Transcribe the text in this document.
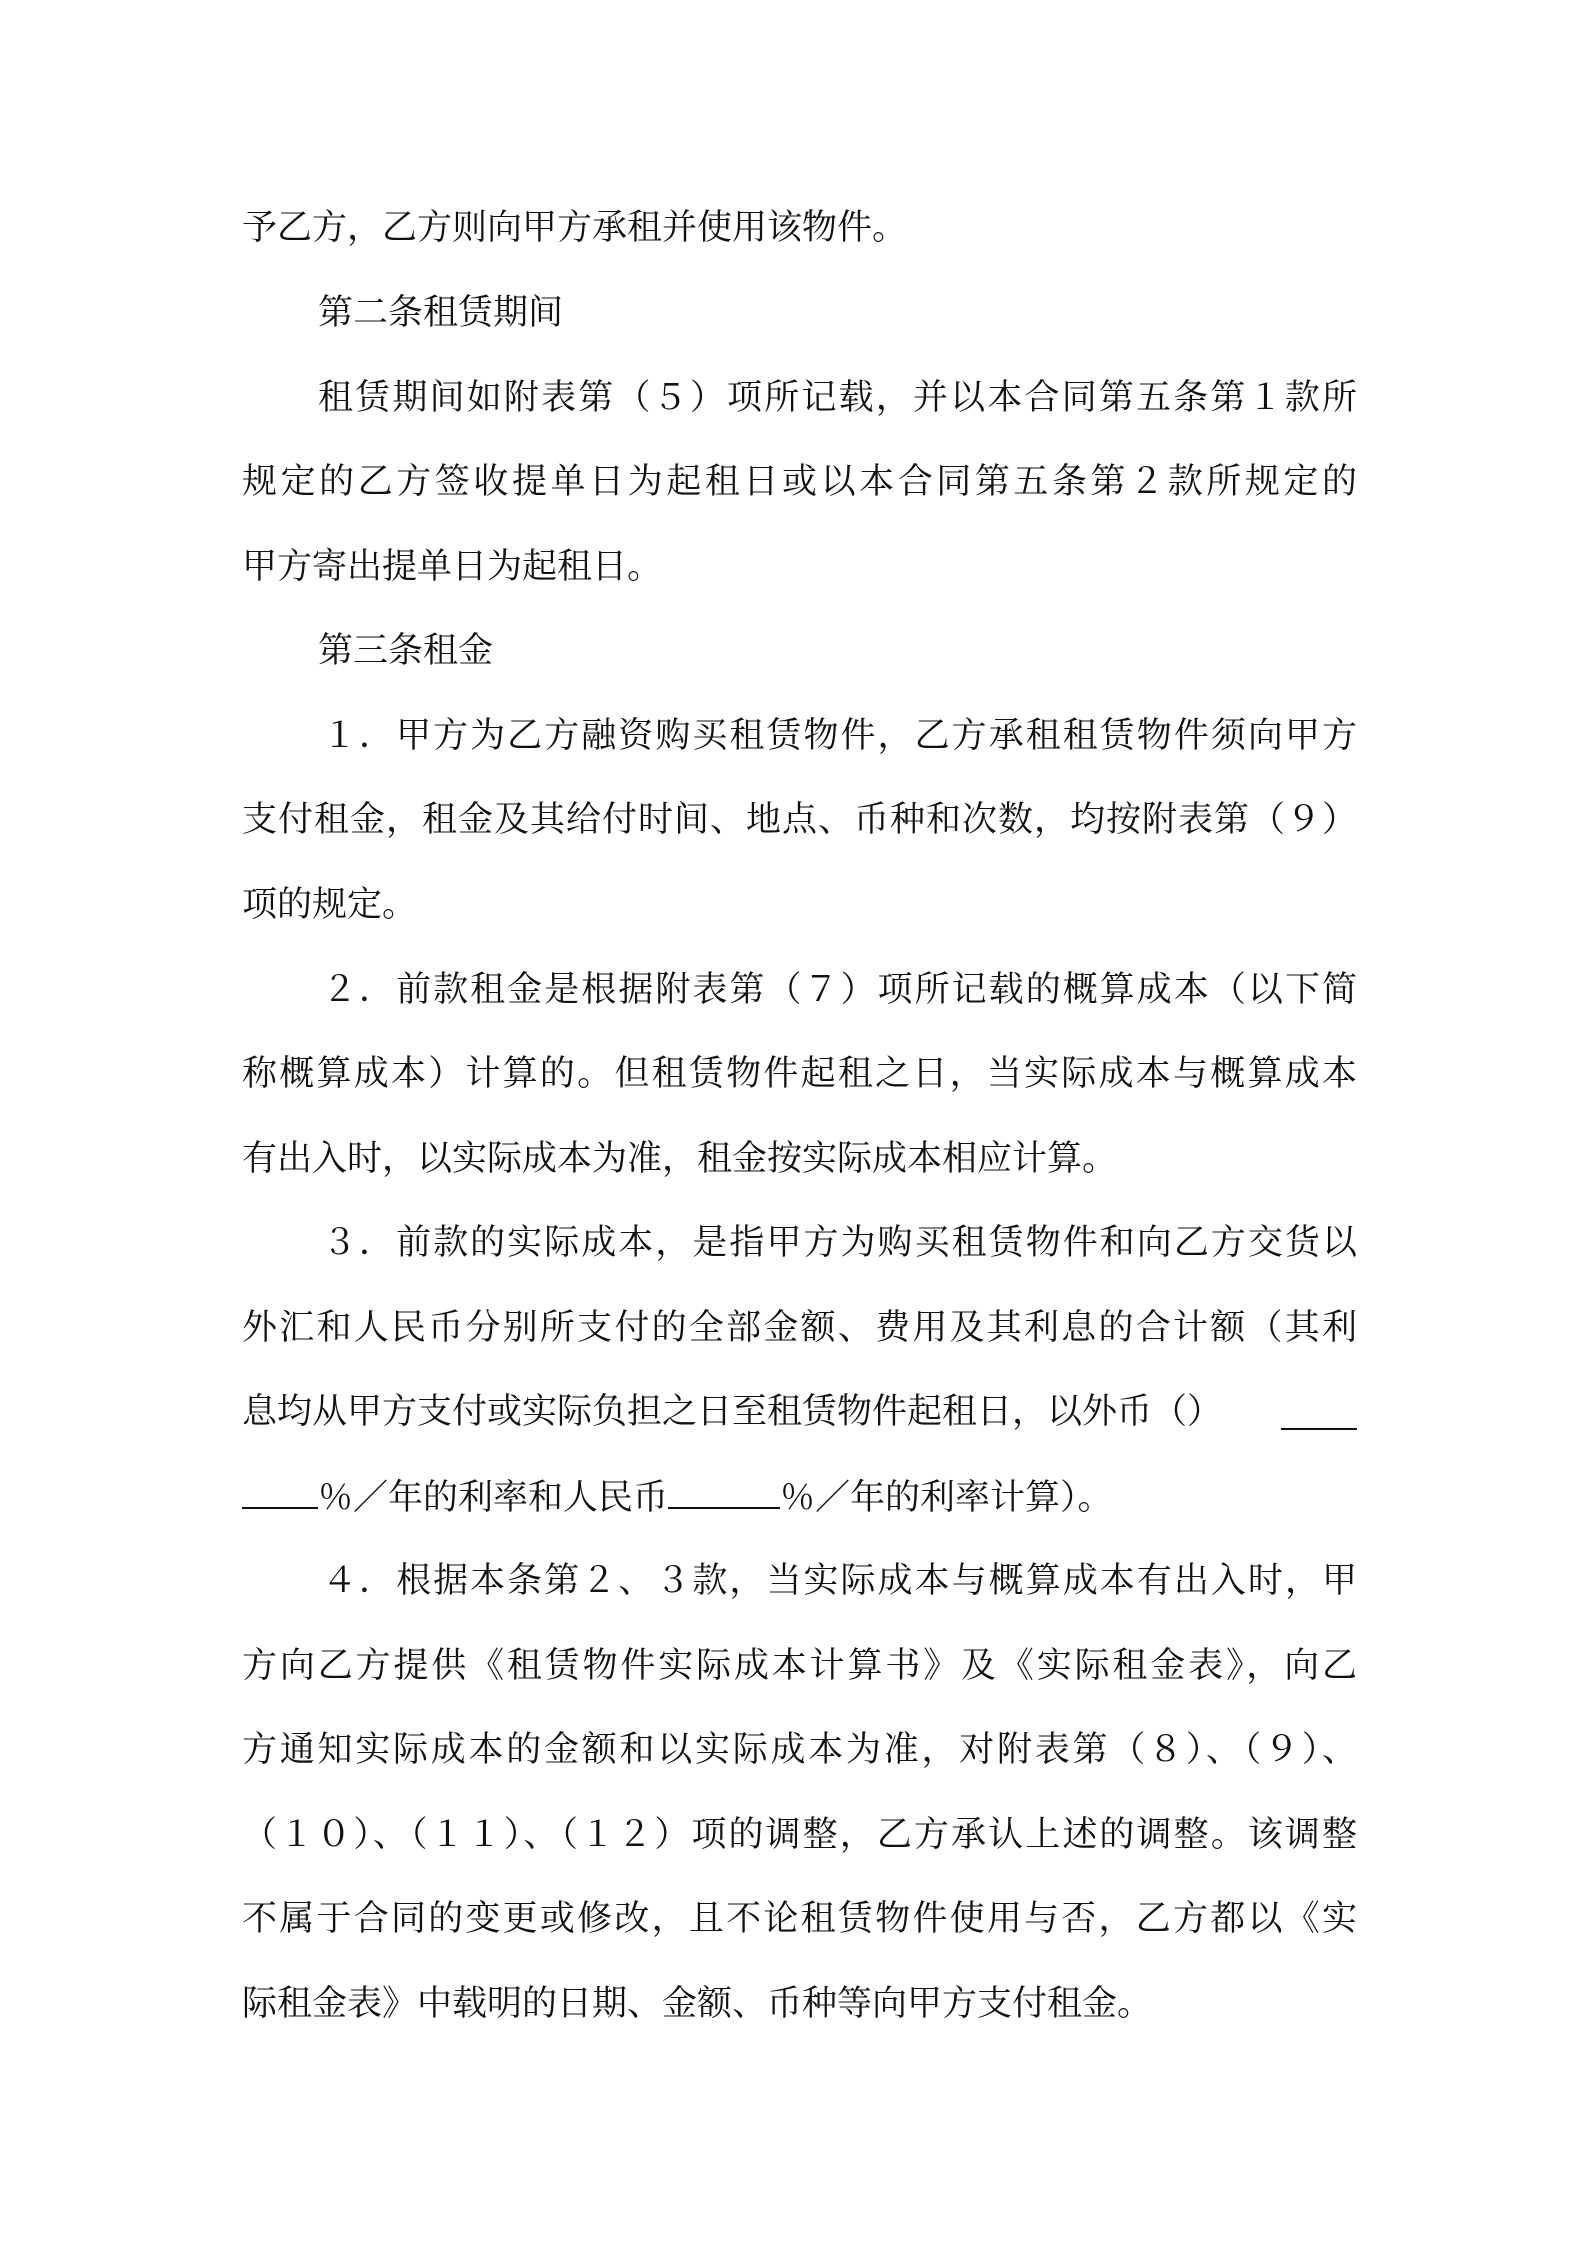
予乙方，乙方则向甲方承租并使用该物件。
第二条租赁期间
租赁期间如附表第（５）项所记载，并以本合同第五条第１款所
规定的乙方签收提单日为起租日或以本合同第五条第２款所规定的
甲方寄出提单日为起租日。
第三条租金
１．甲方为乙方融资购买租赁物件，乙方承租租赁物件须向甲方
支付租金，租金及其给付时间、地点、币种和次数，均按附表第（９）
项的规定。
２．前款租金是根据附表第（７）项所记载的概算成本（以下简
称概算成本）计算的。但租赁物件起租之日，当实际成本与概算成本
有出入时，以实际成本为准，租金按实际成本相应计算。
３．前款的实际成本，是指甲方为购买租赁物件和向乙方交货以
外汇和人民币分别所支付的全部金额、费用及其利息的合计额（其利
息均从甲方支付或实际负担之日至租赁物件起租日，以外币（）
％／年的利率和人民币	％／年的利率计算）。
４．根据本条第２、３款，当实际成本与概算成本有出入时，甲
方向乙方提供《租赁物件实际成本计算书》及《实际租金表》，向乙
方通知实际成本的金额和以实际成本为准，对附表第（８）、（９）、
（１０）、（１１）、（１２）项的调整，乙方承认上述的调整。该调整
不属于合同的变更或修改，且不论租赁物件使用与否，乙方都以《实
际租金表》中载明的日期、金额、币种等向甲方支付租金。
